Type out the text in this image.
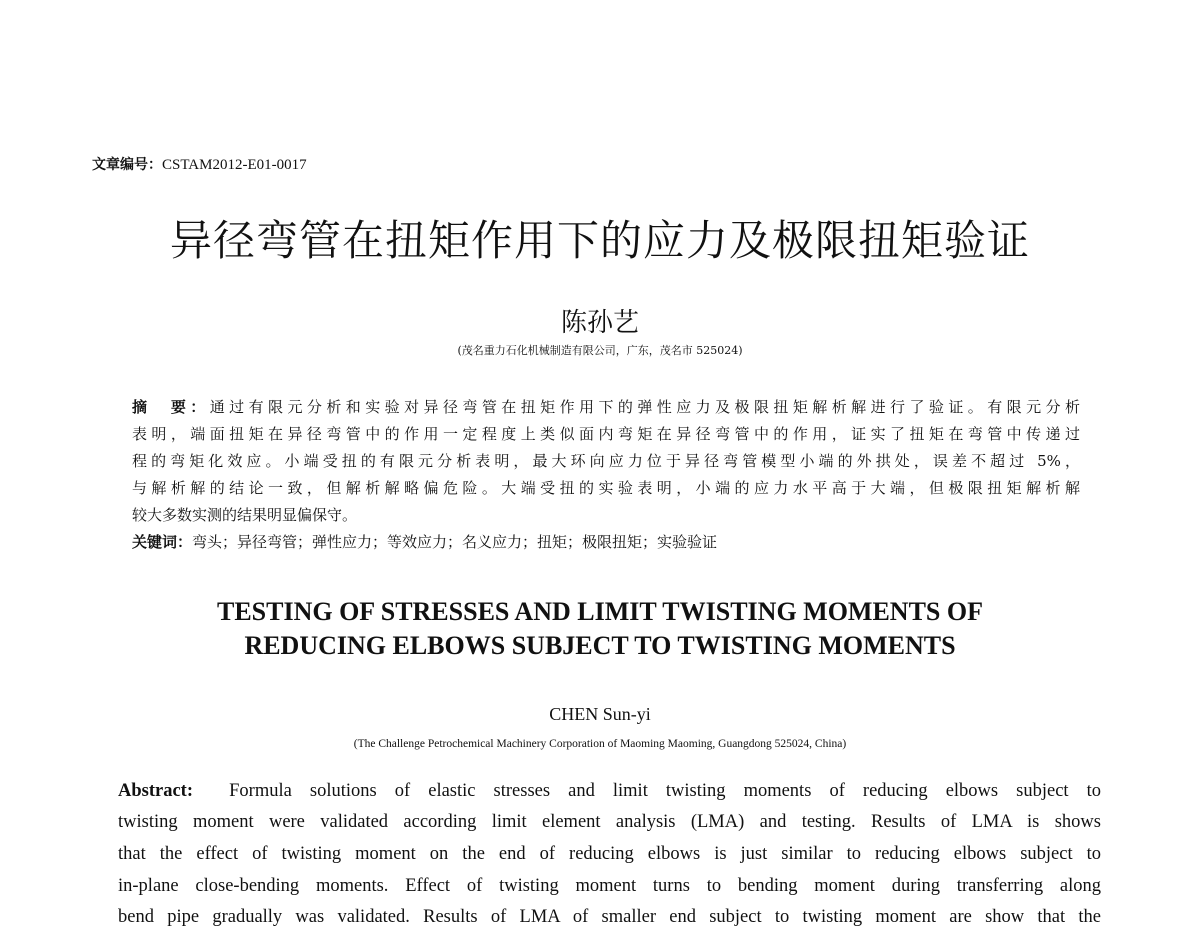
文章编号：CSTAM2012-E01-0017
异径弯管在扭矩作用下的应力及极限扭矩验证
陈孙艺
(茂名重力石化机械制造有限公司，广东，茂名市 525024)
摘　要：通过有限元分析和实验对异径弯管在扭矩作用下的弹性应力及极限扭矩解析解进行了验证。有限元分析
表明，端面扭矩在异径弯管中的作用一定程度上类似面内弯矩在异径弯管中的作用，证实了扭矩在弯管中传递过
程的弯矩化效应。小端受扭的有限元分析表明，最大环向应力位于异径弯管模型小端的外拱处，误差不超过 5%，
与解析解的结论一致，但解析解略偏危险。大端受扭的实验表明，小端的应力水平高于大端，但极限扭矩解析解
较大多数实测的结果明显偏保守。
关键词：弯头；异径弯管；弹性应力；等效应力；名义应力；扭矩；极限扭矩；实验验证
TESTING OF STRESSES AND LIMIT TWISTING MOMENTS OF
REDUCING ELBOWS SUBJECT TO TWISTING MOMENTS
CHEN Sun-yi
(The Challenge Petrochemical Machinery Corporation of Maoming Maoming, Guangdong 525024, China)
Abstract: Formula solutions of elastic stresses and limit twisting moments of reducing elbows subject to
twisting moment were validated according limit element analysis (LMA) and testing. Results of LMA is shows
that the effect of twisting moment on the end of reducing elbows is just similar to reducing elbows subject to
in-plane close-bending moments. Effect of twisting moment turns to bending moment during transferring along
bend pipe gradually was validated. Results of LMA of smaller end subject to twisting moment are show that the
